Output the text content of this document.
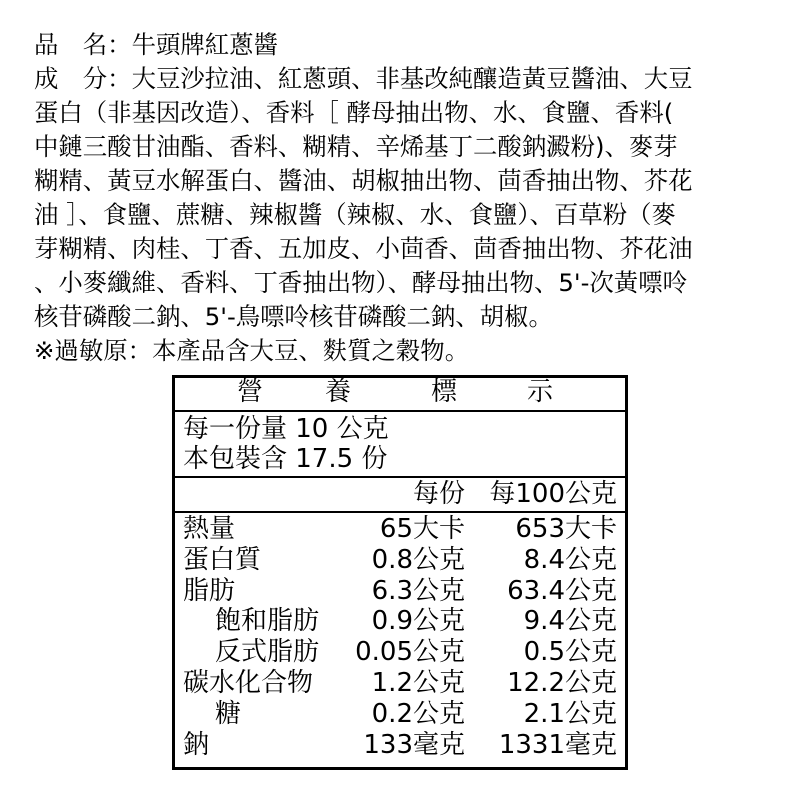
品　名：牛頭牌紅蔥醬
成　分：大豆沙拉油、紅蔥頭、非基改純釀造黃豆醬油、大豆
蛋白（非基因改造）、香料［ 酵母抽出物、水、食鹽、香料(
中鏈三酸甘油酯、香料、糊精、辛烯基丁二酸鈉澱粉)、麥芽
糊精、黃豆水解蛋白、醬油、胡椒抽出物、茴香抽出物、芥花
油 ］、食鹽、蔗糖、辣椒醬（辣椒、水、食鹽）、百草粉（麥
芽糊精、肉桂、丁香、五加皮、小茴香、茴香抽出物、芥花油
、小麥纖維、香料、丁香抽出物）、酵母抽出物、5'-次黃嘌呤
核苷磷酸二鈉、5'-鳥嘌呤核苷磷酸二鈉、胡椒。
※過敏原：本產品含大豆、麩質之穀物。
營 養	標	示
每一份量 10 公克
本包裝含 17.5 份
每份 每100公克
熱量	65大卡 653大卡
蛋白質	0.8公克 8.4公克
脂肪	6.3公克 63.4公克
飽和脂肪 0.9公克 9.4公克
反式脂肪 0.05公克 0.5公克
碳水化合物 1.2公克 12.2公克
糖	0.2公克 2.1公克
鈉	133毫克 1331毫克
